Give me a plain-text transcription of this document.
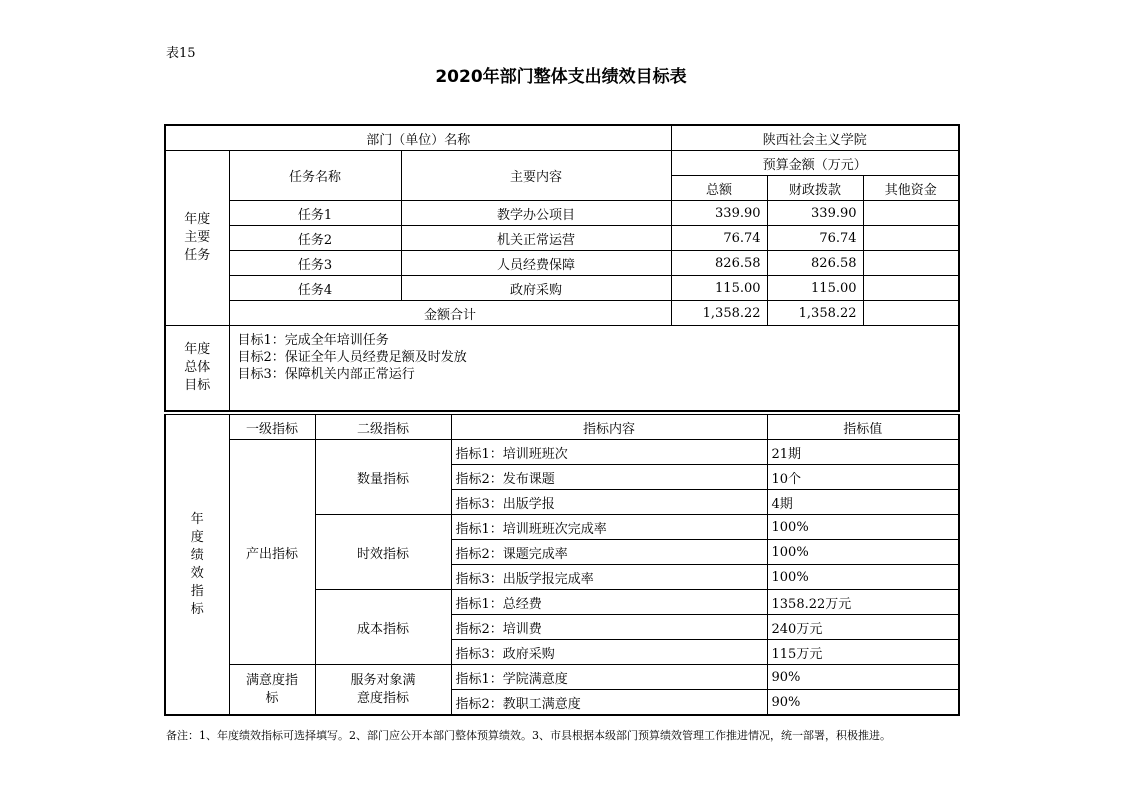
表15
2020年部门整体支出绩效目标表
部门（单位）名称			陕西社会主义学院		

年度主要任务	任务名称	主要内容	预算金额（万元）		
			总额	财政拨款	其他资金
	任务1	教学办公项目	339.90	339.90	
	任务2	机关正常运营	76.74	76.74	
	任务3	人员经费保障	826.58	826.58	
	任务4	政府采购	115.00	115.00	
	金额合计		1,358.22	1,358.22	

年度总体目标	目标1：完成全年培训任务
目标2：保证全年人员经费足额及时发放
目标3：保障机关内部正常运行				
年度绩效指标	一级指标	二级指标	指标内容	指标值
	产出指标	数量指标	指标1：培训班班次	21期
			指标2：发布课题	10个
			指标3：出版学报	4期
		时效指标	指标1：培训班班次完成率	100%
			指标2：课题完成率	100%
			指标3：出版学报完成率	100%
		成本指标	指标1：总经费	1358.22万元
			指标2：培训费	240万元
			指标3：政府采购	115万元

	满意度指标	服务对象满意度指标	指标1：学院满意度	90%
			指标2：教职工满意度	90%
备注：1、年度绩效指标可选择填写。2、部门应公开本部门整体预算绩效。3、市县根据本级部门预算绩效管理工作推进情况，统一部署，积极推进。
